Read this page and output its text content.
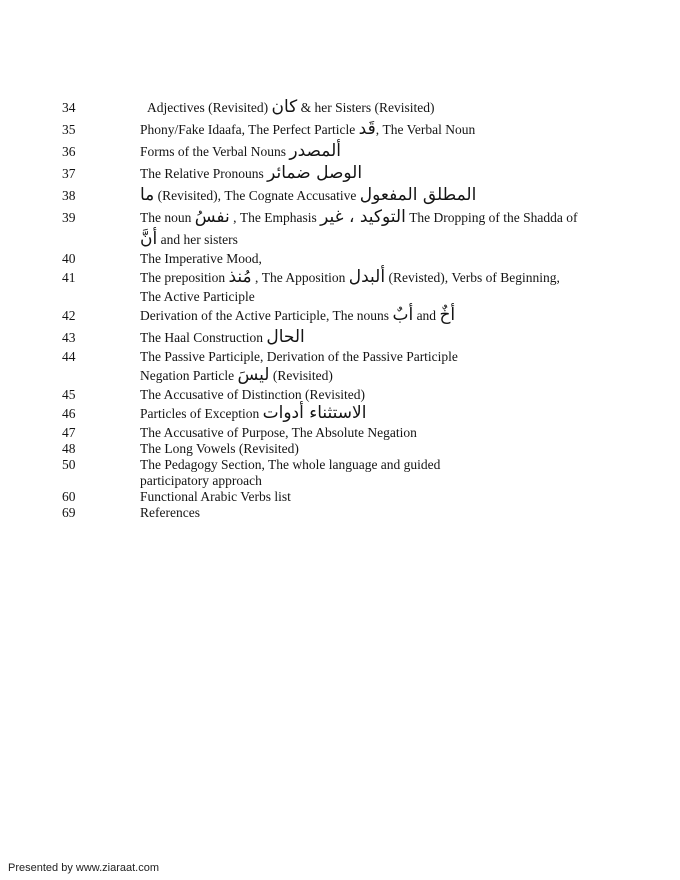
34	Adjectives (Revisited) كان & her Sisters (Revisited)
35	Phony/Fake Idaafa, The Perfect Particle قَد, The Verbal Noun
36	Forms of the Verbal Nouns ألمصدر
37	The Relative Pronouns ضمائر‎ الوصل
38	ما (Revisited), The Cognate Accusative المفعول‎ المطلق
39	The noun نفسُ , The Emphasis غير‎ ، التوكيد The Dropping of the Shadda of
أنَّ and her sisters
40	The Imperative Mood,
41	The preposition مُنذ , The Apposition ألبدل (Revisted), Verbs of Beginning,
The Active Participle
42	Derivation of the Active Participle, The nouns أبٌ and أخٌ
43	The Haal Construction الحال
44	The Passive Participle, Derivation of the Passive Participle
Negation Particle ليسَ (Revisited)
45	The Accusative of Distinction (Revisited)
46	Particles of Exception أدوات‎ الاستثناء
47	The Accusative of Purpose, The Absolute Negation
48	The Long Vowels (Revisited)
50	The Pedagogy Section, The whole language and guided
participatory approach
60	Functional Arabic Verbs list
69	References
Presented by www.ziaraat.com
